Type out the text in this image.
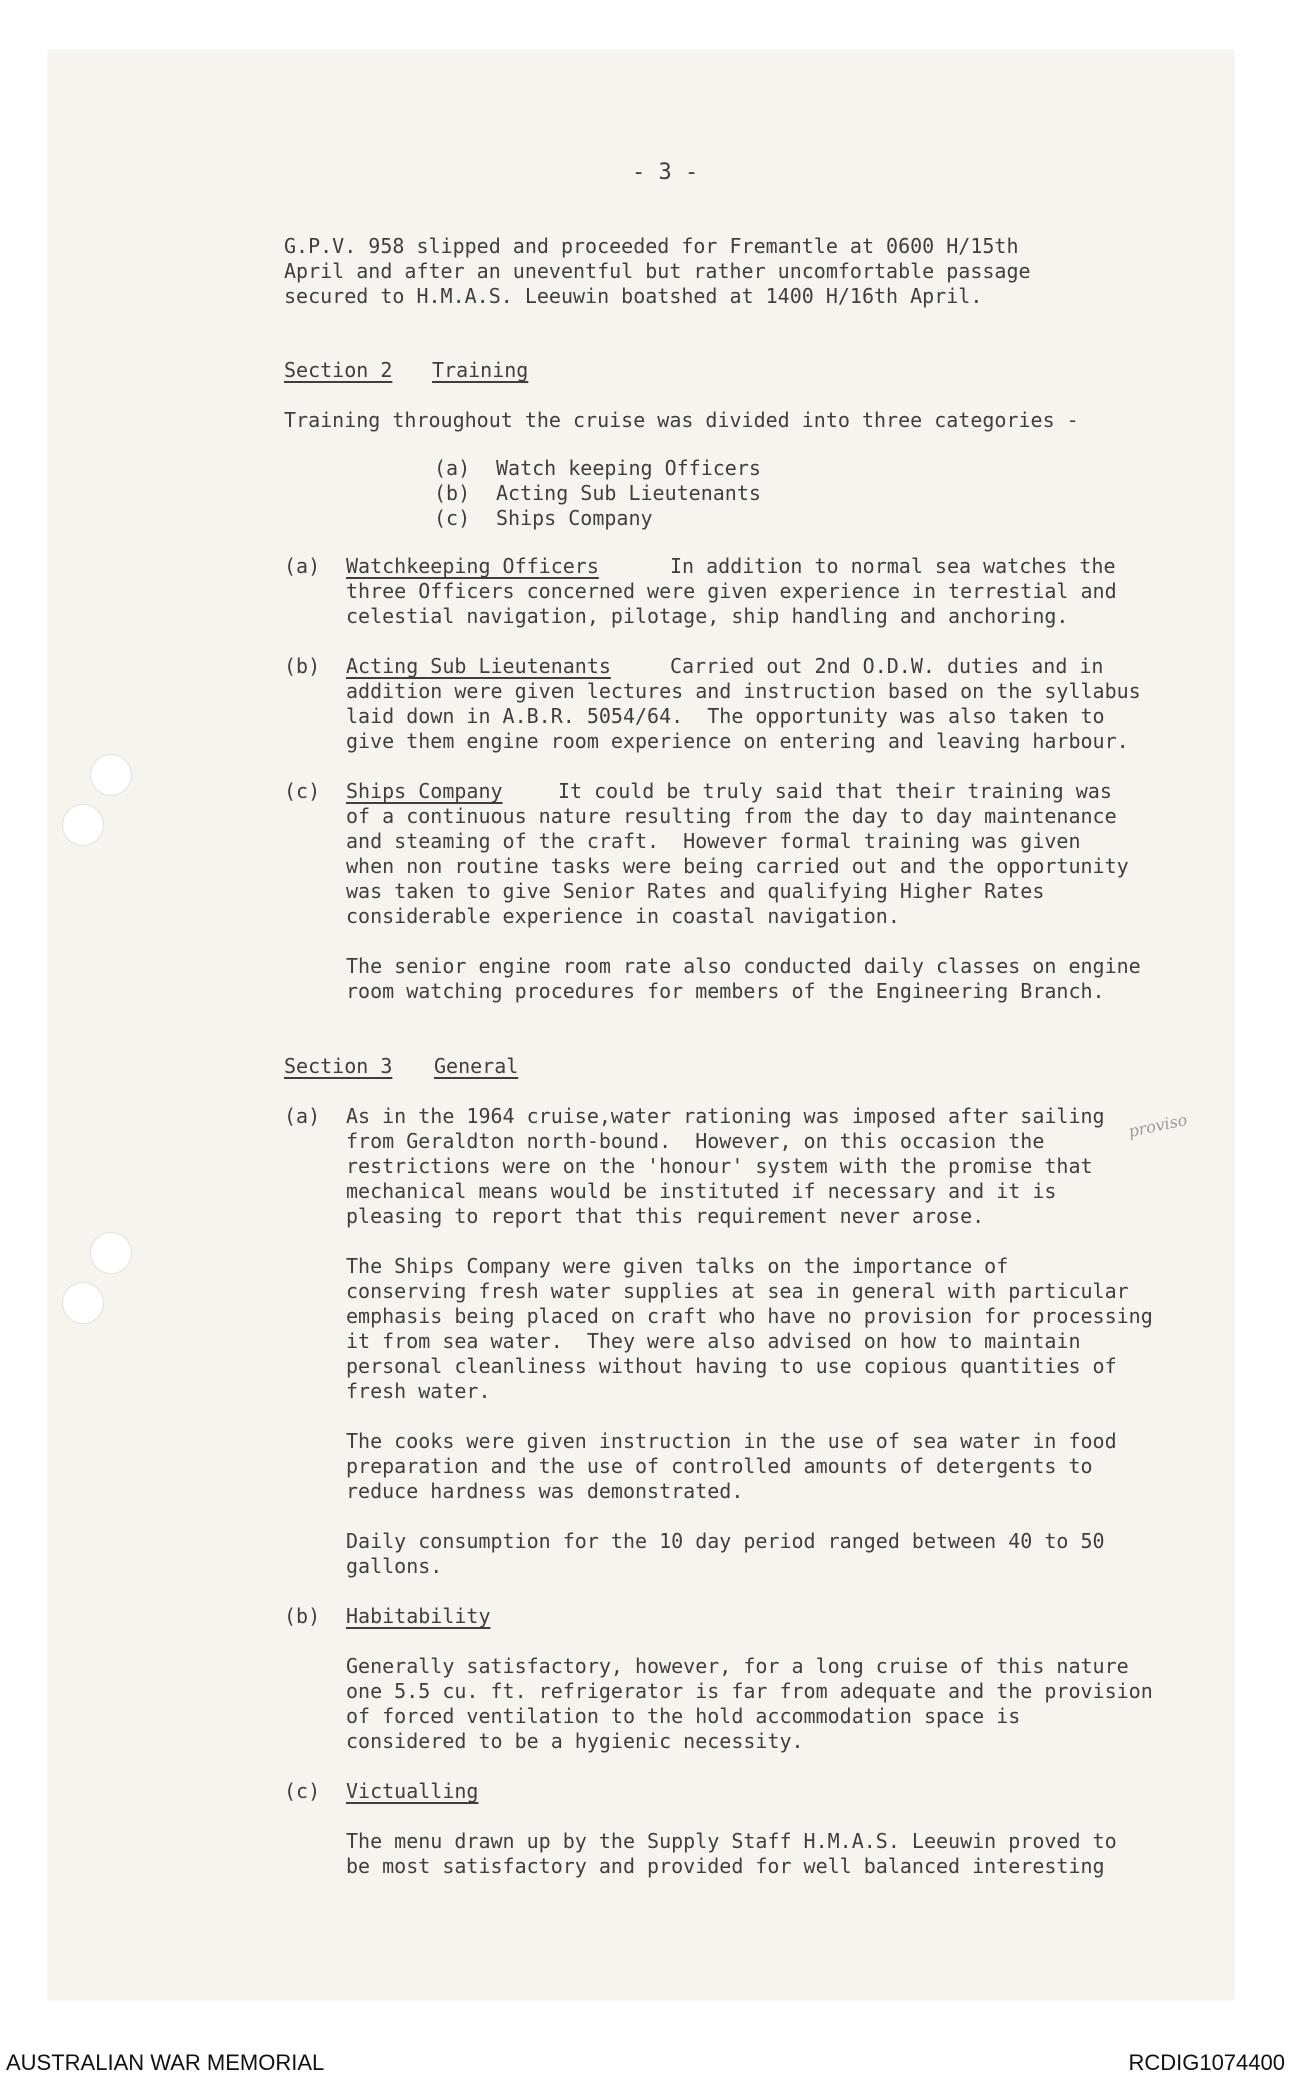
- 3 -

G.P.V. 958 slipped and proceeded for Fremantle at 0600 H/15th

April and after an uneventful but rather uncomfortable passage

secured to H.M.A.S. Leeuwin boatshed at 1400 H/16th April.

Section 2 Training

Training throughout the cruise was divided into three categories -

(a) Watch keeping Officers

(b) Acting Sub Lieutenants

(c) Ships Company

(a) Watchkeeping Officers	In addition to normal sea watches the

three Officers concerned were given experience in terrestial and

celestial navigation, pilotage, ship handling and anchoring.

(b) Acting Sub Lieutenants	Carried out 2nd O.D.W. duties and in

addition were given lectures and instruction based on the syllabus

laid down in A.B.R. 5054/64.  The opportunity was also taken to

give them engine room experience on entering and leaving harbour.

(c) Ships Company	It could be truly said that their training was

of a continuous nature resulting from the day to day maintenance

and steaming of the craft.  However formal training was given

when non routine tasks were being carried out and the opportunity

was taken to give Senior Rates and qualifying Higher Rates

considerable experience in coastal navigation.

The senior engine room rate also conducted daily classes on engine

room watching procedures for members of the Engineering Branch.

Section 3 General

(a) As in the 1964 cruise,water rationing was imposed after sailing

from Geraldton north-bound.  However, on this occasion the

restrictions were on the 'honour' system with the promise that

mechanical means would be instituted if necessary and it is

pleasing to report that this requirement never arose.

proviso

The Ships Company were given talks on the importance of

conserving fresh water supplies at sea in general with particular

emphasis being placed on craft who have no provision for processing

it from sea water.  They were also advised on how to maintain

personal cleanliness without having to use copious quantities of

fresh water.

The cooks were given instruction in the use of sea water in food

preparation and the use of controlled amounts of detergents to

reduce hardness was demonstrated.

Daily consumption for the 10 day period ranged between 40 to 50

gallons.

(b) Habitability

Generally satisfactory, however, for a long cruise of this nature

one 5.5 cu. ft. refrigerator is far from adequate and the provision

of forced ventilation to the hold accommodation space is

considered to be a hygienic necessity.

(c) Victualling

The menu drawn up by the Supply Staff H.M.A.S. Leeuwin proved to

be most satisfactory and provided for well balanced interesting

AUSTRALIAN WAR MEMORIAL	RCDIG1074400
